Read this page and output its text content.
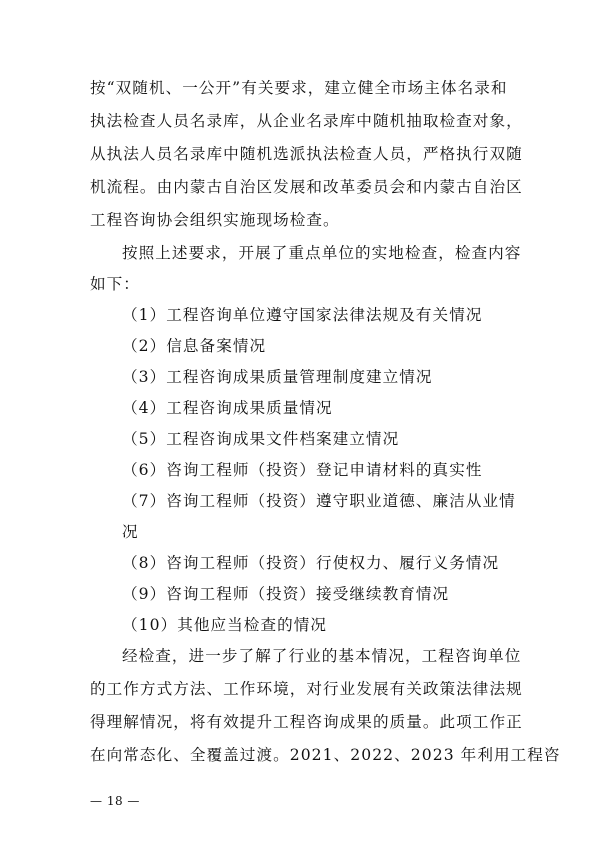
按“双随机、一公开”有关要求，建立健全市场主体名录和
执法检查人员名录库，从企业名录库中随机抽取检查对象，
从执法人员名录库中随机选派执法检查人员，严格执行双随
机流程。由内蒙古自治区发展和改革委员会和内蒙古自治区
工程咨询协会组织实施现场检查。
按照上述要求，开展了重点单位的实地检查，检查内容
如下：
（1）工程咨询单位遵守国家法律法规及有关情况
（2）信息备案情况
（3）工程咨询成果质量管理制度建立情况
（4）工程咨询成果质量情况
（5）工程咨询成果文件档案建立情况
（6）咨询工程师（投资）登记申请材料的真实性
（7）咨询工程师（投资）遵守职业道德、廉洁从业情
况
（8）咨询工程师（投资）行使权力、履行义务情况
（9）咨询工程师（投资）接受继续教育情况
（10）其他应当检查的情况
经检查，进一步了解了行业的基本情况，工程咨询单位
的工作方式方法、工作环境，对行业发展有关政策法律法规
得理解情况，将有效提升工程咨询成果的质量。此项工作正
在向常态化、全覆盖过渡。2021、2022、2023 年利用工程咨
— 18 —
